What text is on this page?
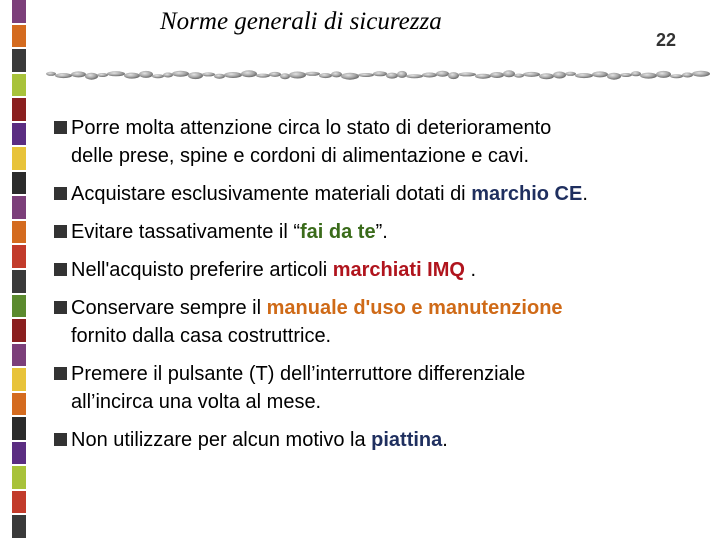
Norme generali di sicurezza
22
Porre molta attenzione circa lo stato di deterioramento
delle prese, spine e cordoni di alimentazione e cavi.
Acquistare esclusivamente materiali dotati di marchio CE.
Evitare tassativamente il “fai da te”.
Nell'acquisto preferire articoli marchiati IMQ .
Conservare sempre il manuale d'uso e manutenzione
fornito dalla casa costruttrice.
Premere il pulsante (T) dell’interruttore differenziale
all’incirca una volta al mese.
Non utilizzare per alcun motivo la piattina.
